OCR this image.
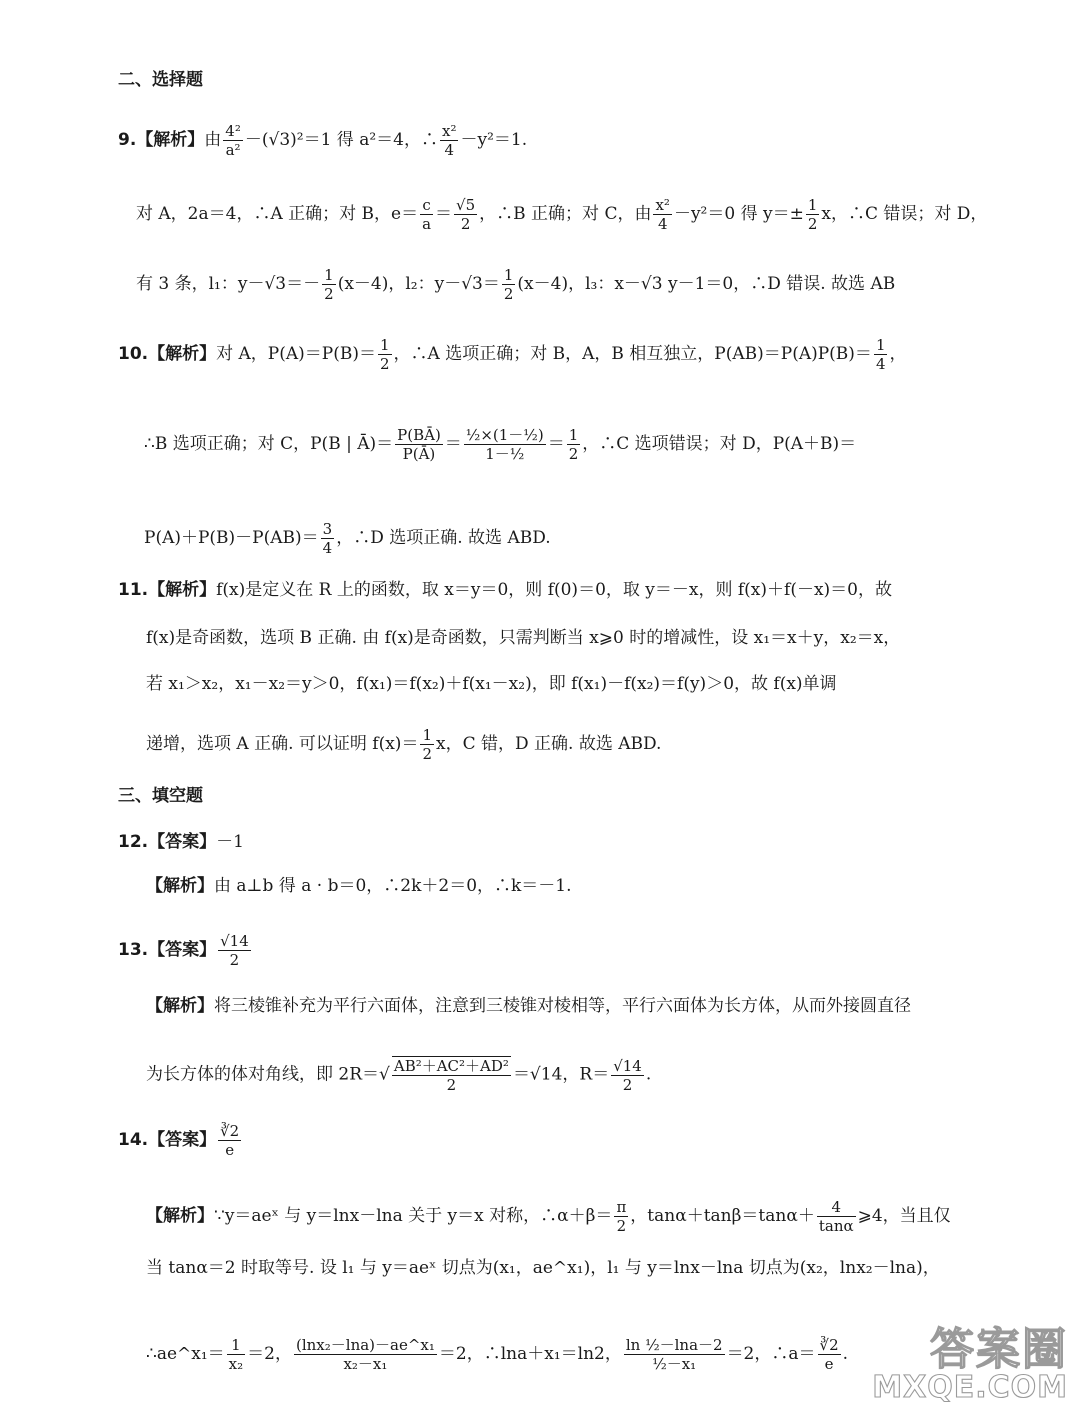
二、选择题
9.【解析】由 $\frac{\text{4²}}{\text{a²}} -(√3)^2=1$ 得 a²＝4，∴ $\frac{\text{x²}}{4} -y^2=1$.
对 A，2a＝4，∴A 正确；对 B，$e= \frac{c}{a} = \frac{√5}{2}$ ，∴B 正确；对 C，由 $\frac{\text{x²}}{4} -y^2=0$ 得 $y=\pm \frac{1}{2}$ x，∴C 错误；对 D，
有 3 条，l₁：$y-√3=- \frac{1}{2} (x-4)$，l₂：$y-√3= \frac{1}{2} (x-4)$，l₃：x－√3 y－1＝0，∴D 错误. 故选 AB
10.【解析】对 A，$P(A)=P(B)= \frac{1}{2}$ ，∴A 选项正确；对 B，A，B 相互独立，$P(AB)=P(A)P(B)= \frac{1}{4}$ ，
∴B 选项正确；对 C，P(B | Ā)＝ $\frac{P(BĀ)}{P(Ā)} = \frac{\text{½×(1－½)}}{\text{1－½}} = \frac{1}{2}$ ，∴C 选项错误；对 D，P(A＋B)＝
$P(A)+P(B)-P(AB)= \frac{3}{4}$ ，∴D 选项正确. 故选 ABD.
11.【解析】f(x)是定义在 R 上的函数，取 x＝y＝0，则 f(0)＝0，取 y＝－x，则 f(x)＋f(－x)＝0，故
f(x)是奇函数，选项 B 正确. 由 f(x)是奇函数，只需判断当 x⩾0 时的增减性，设 x₁＝x＋y，x₂＝x，
若 x₁＞x₂，x₁－x₂＝y＞0，f(x₁)＝f(x₂)＋f(x₁－x₂)，即 f(x₁)－f(x₂)＝f(y)＞0，故 f(x)单调
递增，选项 A 正确. 可以证明 $f(x)= \frac{1}{2}$ x，C 错，D 正确. 故选 ABD.
三、填空题
12.【答案】－1
【解析】由 a⊥b 得 a · b＝0，∴2k＋2＝0，∴k＝－1.
13.【答案】 $\frac{√14}{2}$
【解析】将三棱锥补充为平行六面体，注意到三棱锥对棱相等，平行六面体为长方体，从而外接圆直径
为长方体的体对角线，即 $2R=√ \frac{\text{AB²＋AC²＋AD²}}{2} =√14$，$R= \frac{√14}{2}$ .
14.【答案】 $\frac{∛2}{e}$
【解析】∵y＝aeˣ 与 y＝lnx－lna 关于 y＝x 对称，∴α＋β＝ $\frac{\pi}{2}$ ，$\tan\alpha+\tan\beta=\tan\alpha+ \frac{4}{\tan\alpha}$ ⩾4，当且仅
当 tanα＝2 时取等号. 设 l₁ 与 y＝aeˣ 切点为(x₁，ae^x₁)，l₁ 与 y＝lnx－lna 切点为(x₂，lnx₂－lna)，
∴ae^x₁＝ $\frac{1}{\text{x₂}} =2$， $\frac{\text{(lnx₂－lna)－ae\textasciicircum{}x₁}}{\text{x₂－x₁}} =2$，∴lna＋x₁＝ln2， $\frac{\text{ln ½－lna－2}}{\text{½－x₁}} =2$，∴a＝ $\frac{∛2}{e}$ . 答案圈
MXQE.COM
